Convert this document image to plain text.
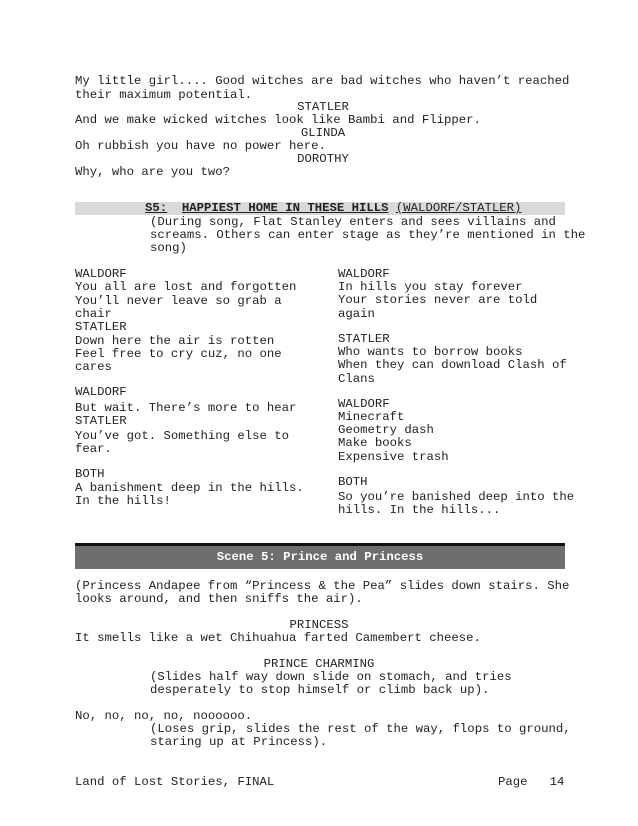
My little girl.... Good witches are bad witches who haven’t reached
their maximum potential.
STATLER
And we make wicked witches look like Bambi and Flipper.
GLINDA
Oh rubbish you have no power here.
DOROTHY
Why, who are you two?
S5: HAPPIEST HOME IN THESE HILLS (WALDORF/STATLER)
(During song, Flat Stanley enters and sees villains and
screams. Others can enter stage as they’re mentioned in the
song)
WALDORF
You all are lost and forgotten
You’ll never leave so grab a
chair
STATLER
Down here the air is rotten
Feel free to cry cuz, no one
cares
WALDORF
But wait. There’s more to hear
STATLER
You’ve got. Something else to
fear.
BOTH
A banishment deep in the hills.
In the hills!
WALDORF
In hills you stay forever
Your stories never are told
again
STATLER
Who wants to borrow books
When they can download Clash of
Clans
WALDORF
Minecraft
Geometry dash
Make books
Expensive trash
BOTH
So you’re banished deep into the
hills. In the hills...
Scene 5: Prince and Princess
(Princess Andapee from “Princess & the Pea” slides down stairs. She
looks around, and then sniffs the air).
PRINCESS
It smells like a wet Chihuahua farted Camembert cheese.
PRINCE CHARMING
(Slides half way down slide on stomach, and tries
desperately to stop himself or climb back up).
No, no, no, no, noooooo.
(Loses grip, slides the rest of the way, flops to ground,
staring up at Princess).
Land of Lost Stories, FINAL	Page 14
